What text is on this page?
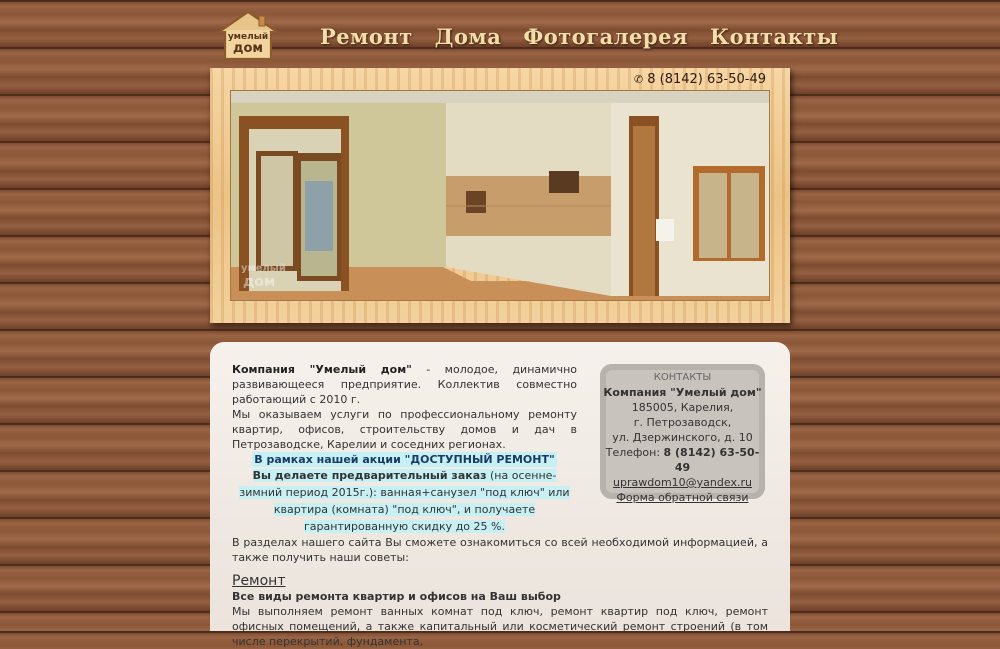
умелый
дом	Ремонт Дома Фотогалерея Контакты
✆ 8 (8142) 63-50-49
умелый
дом

Компания "Умелый дом" - молодое, динамично развивающееся предприятие. Коллектив совместно работающий с 2010 г.

Мы оказываем услуги по профессиональному ремонту квартир, офисов, строительству домов и дач в Петрозаводске, Карелии и соседних регионах.

В рамках нашей акции "ДОСТУПНЫЙ РЕМОНТ"

Вы делаете предварительный заказ (на осенне-зимний период 2015г.): ванная+санузел "под ключ" или квартира (комната) "под ключ", и получаете гарантированную скидку до 25 %.

В разделах нашего сайта Вы сможете ознакомиться со всей необходимой информацией, а также получить наши советы:

Ремонт

Все виды ремонта квартир и офисов на Ваш выбор

Мы выполняем ремонт ванных комнат под ключ, ремонт квартир под ключ, ремонт офисных помещений, а также капитальный или косметический ремонт строений (в том числе перекрытий, фундамента,

КОНТАКТЫ
Компания "Умелый дом"
185005, Карелия,
г. Петрозаводск,
ул. Дзержинского, д. 10
Телефон: 8 (8142) 63-50-49
uprawdom10@yandex.ru
Форма обратной связи
